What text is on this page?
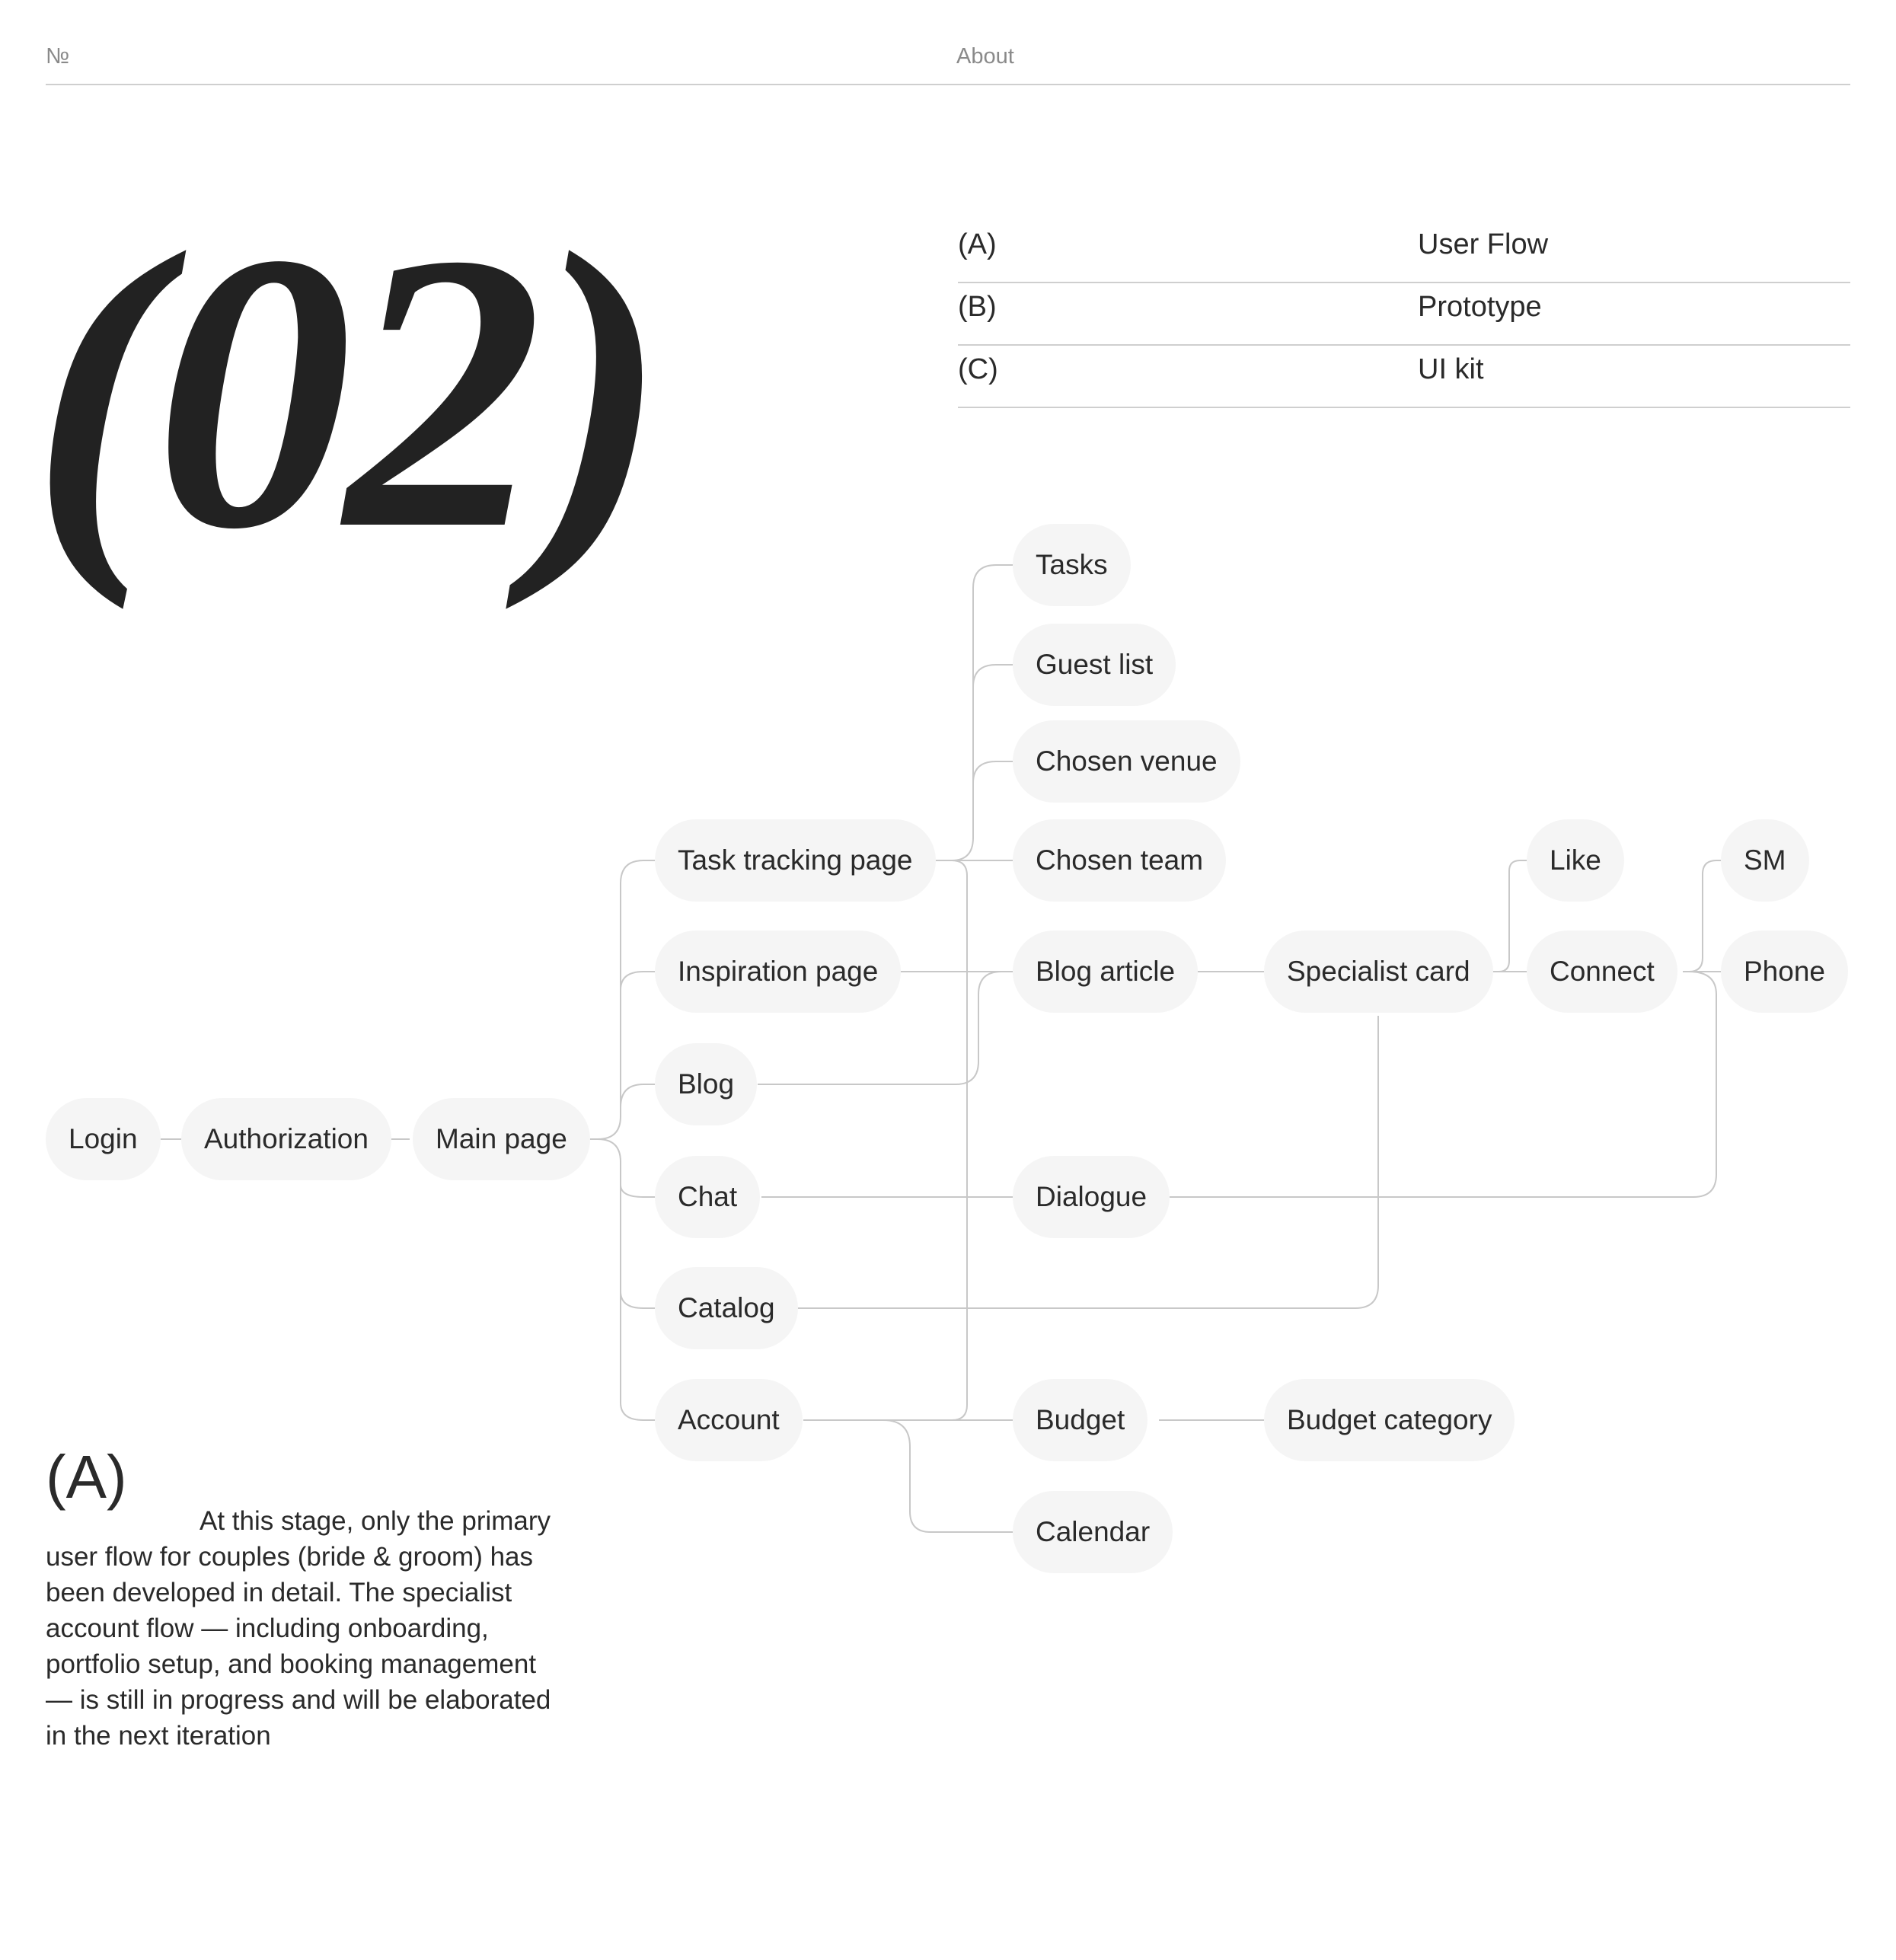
№	About
(02)	(A)	User Flow
(B)	Prototype
(C)	UI kit
Login	Authorization	Main page
Task tracking page
Inspiration page
Blog
Chat
Catalog
Account
Tasks
Guest list
Chosen venue
Chosen team
Blog article
Dialogue
Budget
Calendar
Specialist card
Budget category
Like
Connect
SM
Phone
(A)

At this stage, only the primary user flow for couples (bride & groom) has been developed in detail. The specialist account flow — including onboarding, portfolio setup, and booking management — is still in progress and will be elaborated in the next iteration
